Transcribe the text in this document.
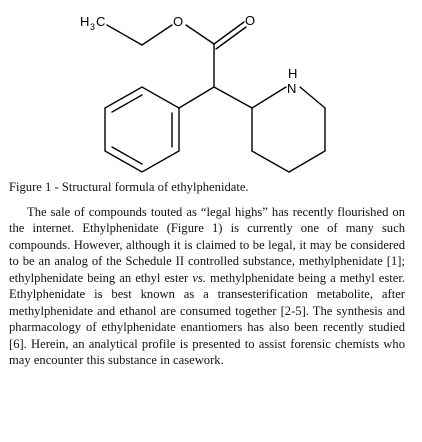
H 3 C	O	O
N
H
Figure 1 - Structural formula of ethylphenidate.

The sale of compounds touted as “legal highs” has recently flourished on the internet. Ethylphenidate (Figure 1) is currently one of many such compounds. However, although it is claimed to be legal, it may be considered to be an analog of the Schedule II controlled substance, methylphenidate [1]; ethylphenidate being an ethyl ester vs. methylphenidate being a methyl ester. Ethylphenidate is best known as a transesterification metabolite, after methylphenidate and ethanol are consumed together [2-5]. The synthesis and pharmacology of ethylphenidate enantiomers has also been recently studied [6]. Herein, an analytical profile is presented to assist forensic chemists who may encounter this substance in casework.
